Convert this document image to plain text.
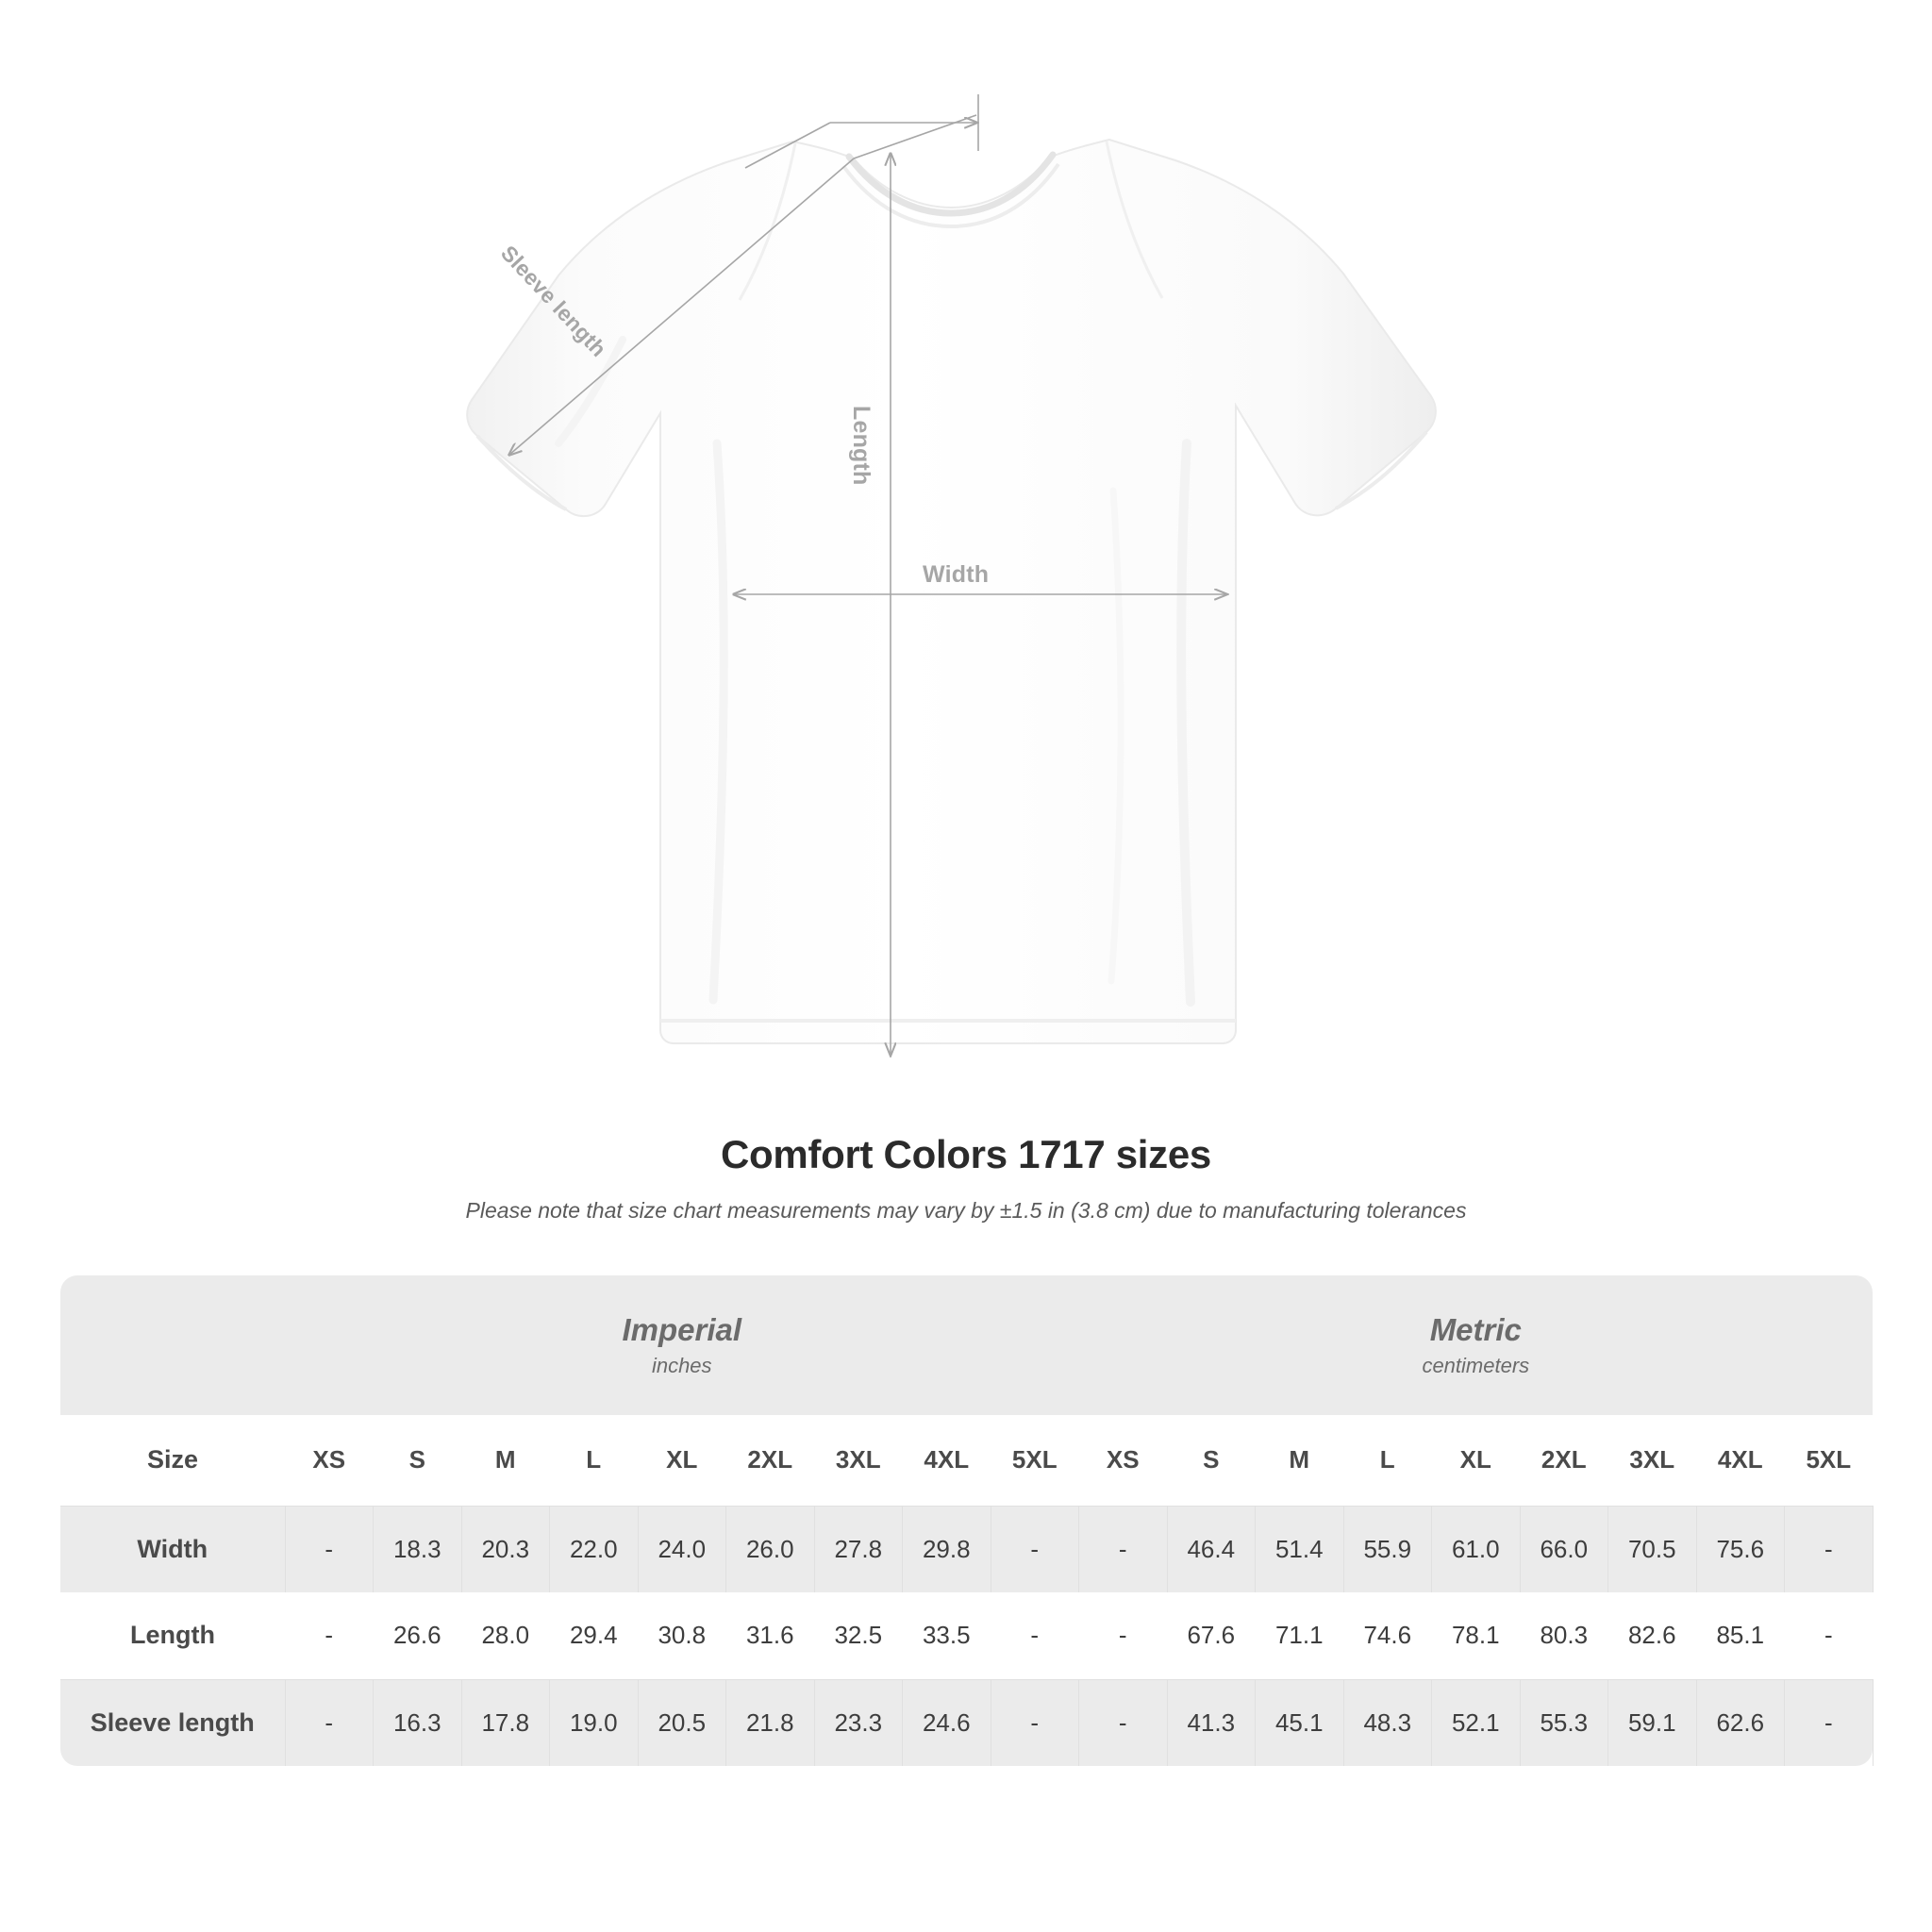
Width
Length
Sleeve length
Comfort Colors 1717 sizes

Please note that size chart measurements may vary by ±1.5 in (3.8 cm) due to manufacturing tolerances

Imperial
inches

Metric
centimeters

Size	XS	S	M	L	XL	2XL	3XL	4XL	5XL	XS	S	M	L	XL	2XL	3XL	4XL	5XL
Width	-	18.3	20.3	22.0	24.0	26.0	27.8	29.8	-	-	46.4	51.4	55.9	61.0	66.0	70.5	75.6	-
Length	-	26.6	28.0	29.4	30.8	31.6	32.5	33.5	-	-	67.6	71.1	74.6	78.1	80.3	82.6	85.1	-
Sleeve length	-	16.3	17.8	19.0	20.5	21.8	23.3	24.6	-	-	41.3	45.1	48.3	52.1	55.3	59.1	62.6	-
